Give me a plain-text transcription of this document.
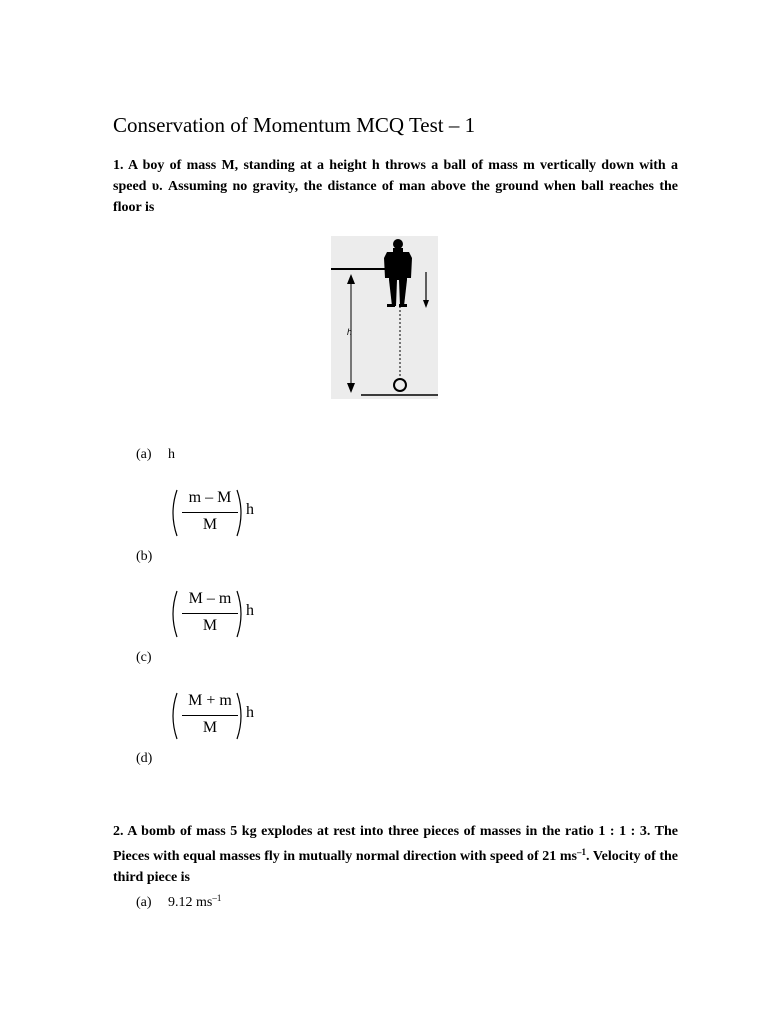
Conservation of Momentum MCQ Test – 1
1. A boy of mass M, standing at a height h throws a ball of mass m vertically down with a speed υ. Assuming no gravity, the distance of man above the ground when ball reaches the floor is
h
(a) h
m – M
M
h
(b)
M – m
M
h
(c)
M + m
M
h
(d)
2. A bomb of mass 5 kg explodes at rest into three pieces of masses in the ratio 1 : 1 : 3. The Pieces with equal masses fly in mutually normal direction with speed of 21 $ms^{-1}$. Velocity of the third piece is
(a) 9.12 $ms^{-1}$
